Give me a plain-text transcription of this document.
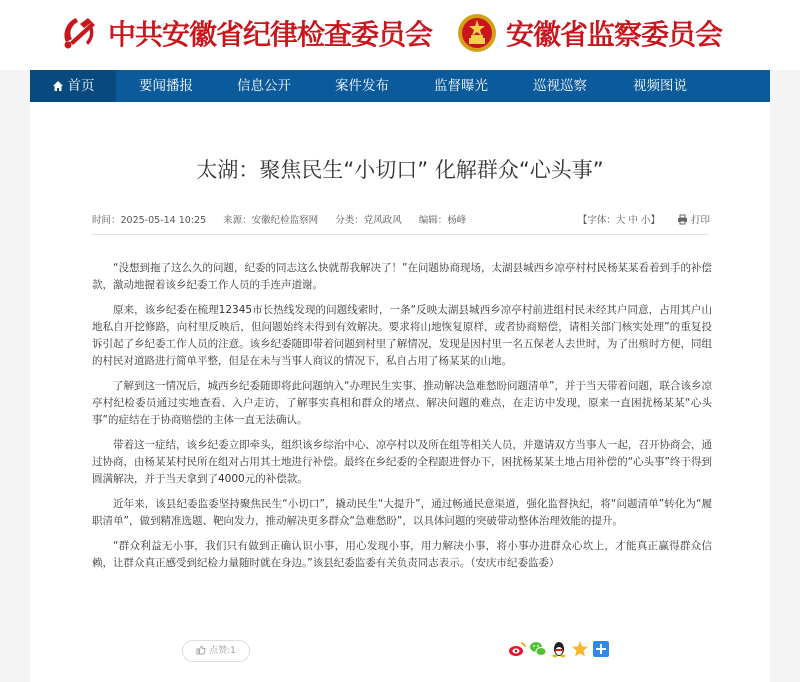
中共安徽省纪律检查委员会	安徽省监察委员会
首页	要闻播报	信息公开	案件发布	监督曝光	巡视巡察	视频图说
太湖：聚焦民生“小切口” 化解群众“心头事”
时间：2025-05-14 10:25 来源：安徽纪检监察网 分类：党风政风 编辑：杨峰	【字体：大 中 小】	打印

“没想到拖了这么久的问题，纪委的同志这么快就帮我解决了！”在问题协商现场，太湖县城西乡凉亭村村民杨某某看着到手的补偿款，激动地握着该乡纪委工作人员的手连声道谢。

原来，该乡纪委在梳理12345市长热线发现的问题线索时，一条“反映太湖县城西乡凉亭村前进组村民未经其户同意，占用其户山地私自开挖修路，向村里反映后，但问题始终未得到有效解决。要求将山地恢复原样，或者协商赔偿，请相关部门核实处理”的重复投诉引起了乡纪委工作人员的注意。该乡纪委随即带着问题到村里了解情况，发现是因村里一名五保老人去世时，为了出殡时方便，同组的村民对道路进行简单平整，但是在未与当事人商议的情况下，私自占用了杨某某的山地。

了解到这一情况后，城西乡纪委随即将此问题纳入“办理民生实事、推动解决急难愁盼问题清单”，并于当天带着问题，联合该乡凉亭村纪检委员通过实地查看、入户走访，了解事实真相和群众的堵点、解决问题的难点，在走访中发现，原来一直困扰杨某某“心头事”的症结在于协商赔偿的主体一直无法确认。

带着这一症结，该乡纪委立即牵头，组织该乡综治中心、凉亭村以及所在组等相关人员，并邀请双方当事人一起，召开协商会，通过协商，由杨某某村民所在组对占用其土地进行补偿。最终在乡纪委的全程跟进督办下，困扰杨某某土地占用补偿的“心头事”终于得到圆满解决，并于当天拿到了4000元的补偿款。

近年来，该县纪委监委坚持聚焦民生“小切口”，撬动民生“大提升”，通过畅通民意渠道，强化监督执纪，将“问题清单”转化为“履职清单”，做到精准选题、靶向发力，推动解决更多群众“急难愁盼”，以具体问题的突破带动整体治理效能的提升。

“群众利益无小事，我们只有做到正确认识小事，用心发现小事，用力解决小事，将小事办进群众心坎上，才能真正赢得群众信赖，让群众真正感受到纪检力量随时就在身边。”该县纪委监委有关负责同志表示。（安庆市纪委监委）

点赞:1
